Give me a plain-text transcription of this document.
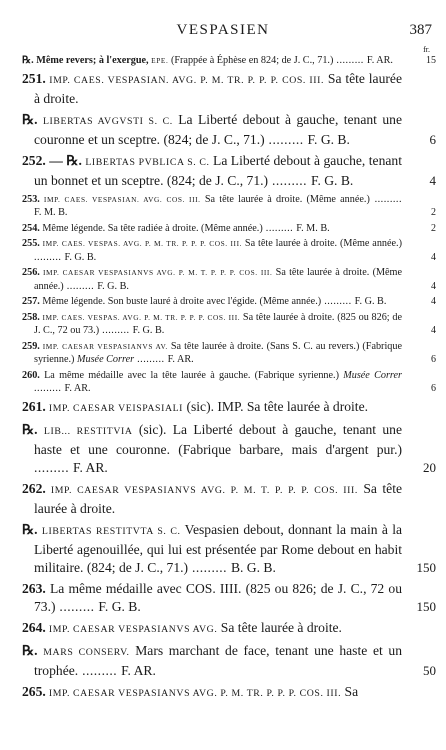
VESPASIEN	387
fr.

℞. Même revers; à l'exergue, EPE. (Frappée à Éphèse en 824; de J. C., 71.) ......... F. AR.	15

251. IMP. CAES. VESPASIAN. AVG. P. M. TR. P. P. P. COS. III. Sa tête laurée à droite.

℞. LIBERTAS AVGVSTI S. C. La Liberté debout à gauche, tenant une couronne et un sceptre. (824; de J. C., 71.) ......... F. G. B.	6

252. — ℞. LIBERTAS PVBLICA S. C. La Liberté debout à gauche, tenant un bonnet et un sceptre. (824; de J. C., 71.) ......... F. G. B.	4

253. IMP. CAES. VESPASIAN. AVG. COS. III. Sa tête laurée à droite. (Même année.) ......... F. M. B.	2

254. Même légende. Sa tête radiée à droite. (Même année.) ......... F. M. B.	2

255. IMP. CAES. VESPAS. AVG. P. M. TR. P. P. P. COS. III. Sa tête laurée à droite. (Même année.) ......... F. G. B.	4

256. IMP. CAESAR VESPASIANVS AVG. P. M. T. P. P. P. COS. III. Sa tête laurée à droite. (Même année.) ......... F. G. B.	4

257. Même légende. Son buste lauré à droite avec l'égide. (Même année.) ......... F. G. B.	4

258. IMP. CAES. VESPAS. AVG. P. M. TR. P. P. P. COS. III. Sa tête laurée à droite. (825 ou 826; de J. C., 72 ou 73.) ......... F. G. B.	4

259. IMP. CAESAR VESPASIANVS AV. Sa tête laurée à droite. (Sans S. C. au revers.) (Fabrique syrienne.) Musée Correr ......... F. AR.	6

260. La même médaille avec la tête laurée à gauche. (Fabrique syrienne.) Musée Correr ......... F. AR.	6

261. IMP. CAESAR VEISPASIALI (sic). IMP. Sa tête laurée à droite.

℞. LIB... RESTITVIA (sic). La Liberté debout à gauche, tenant une haste et une couronne. (Fabrique barbare, mais d'argent pur.) ......... F. AR.	20

262. IMP. CAESAR VESPASIANVS AVG. P. M. T. P. P. P. COS. III. Sa tête laurée à droite.

℞. LIBERTAS RESTITVTA S. C. Vespasien debout, donnant la main à la Liberté agenouillée, qui lui est présentée par Rome debout en habit militaire. (824; de J. C., 71.) ......... B. G. B.	150

263. La même médaille avec COS. IIII. (825 ou 826; de J. C., 72 ou 73.) ......... F. G. B.	150

264. IMP. CAESAR VESPASIANVS AVG. Sa tête laurée à droite.

℞. MARS CONSERV. Mars marchant de face, tenant une haste et un trophée. ......... F. AR.	50

265. IMP. CAESAR VESPASIANVS AVG. P. M. TR. P. P. P. COS. III. Sa
